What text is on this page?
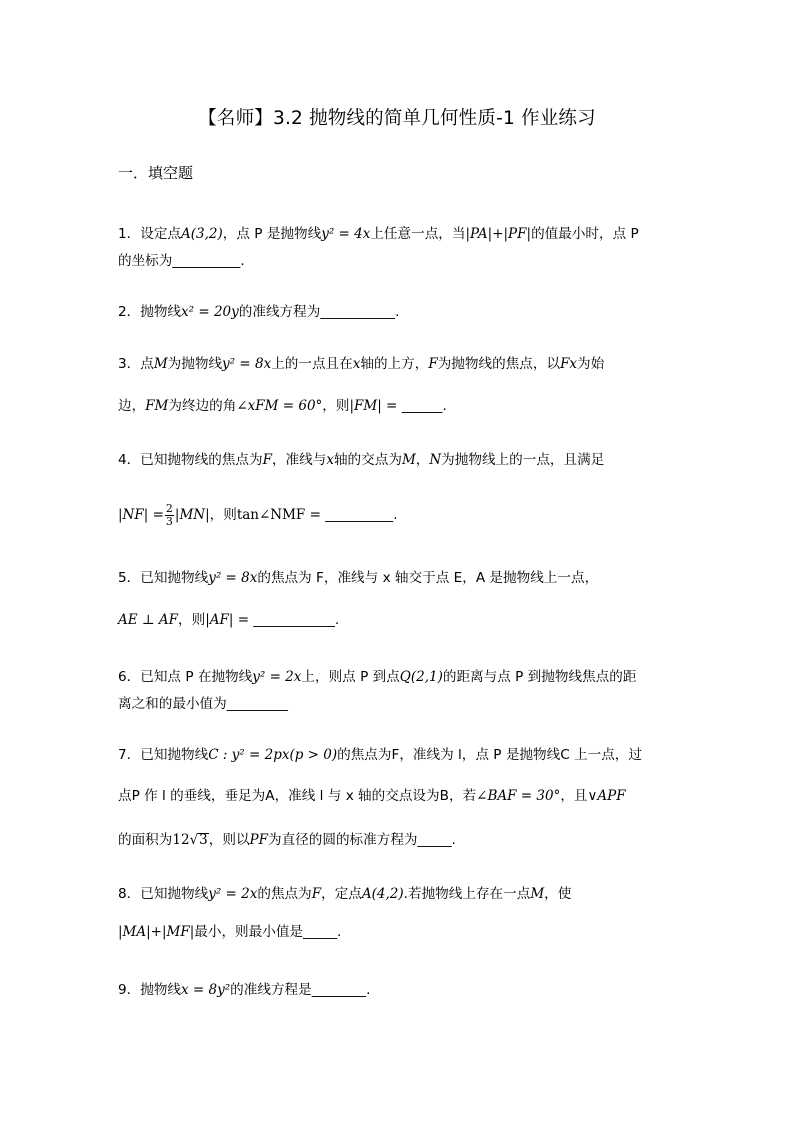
【名师】3.2 抛物线的简单几何性质-1 作业练习
一．填空题
1．设定点A(3,2)，点 P 是抛物线y² = 4x上任意一点，当|PA|+|PF|的值最小时，点 P
的坐标为__________.
2．抛物线x² = 20y的准线方程为___________.
3．点M为抛物线y² = 8x上的一点且在x轴的上方，F为抛物线的焦点，以Fx为始
边，FM为终边的角∠xFM = 60°，则|FM| = ______.
4．已知抛物线的焦点为F，准线与x轴的交点为M，N为抛物线上的一点，且满足
$|NF| = \frac{2}{3} |MN|$，则tan∠NMF = __________.
5．已知抛物线y² = 8x的焦点为 F，准线与 x 轴交于点 E，A 是抛物线上一点，
AE ⊥ AF，则|AF| = ____________.
6．已知点 P 在抛物线y² = 2x上，则点 P 到点Q(2,1)的距离与点 P 到抛物线焦点的距
离之和的最小值为_________
7．已知抛物线C : y² = 2px(p > 0)的焦点为F，准线为 l，点 P 是抛物线C 上一点，过
点P 作 l 的垂线，垂足为A，准线 l 与 x 轴的交点设为B，若∠BAF = 30°，且∨APF
的面积为12√3，则以PF为直径的圆的标准方程为_____.
8．已知抛物线y² = 2x的焦点为F，定点A(4,2).若抛物线上存在一点M，使
|MA|+|MF|最小，则最小值是_____.
9．抛物线x = 8y²的准线方程是________.
